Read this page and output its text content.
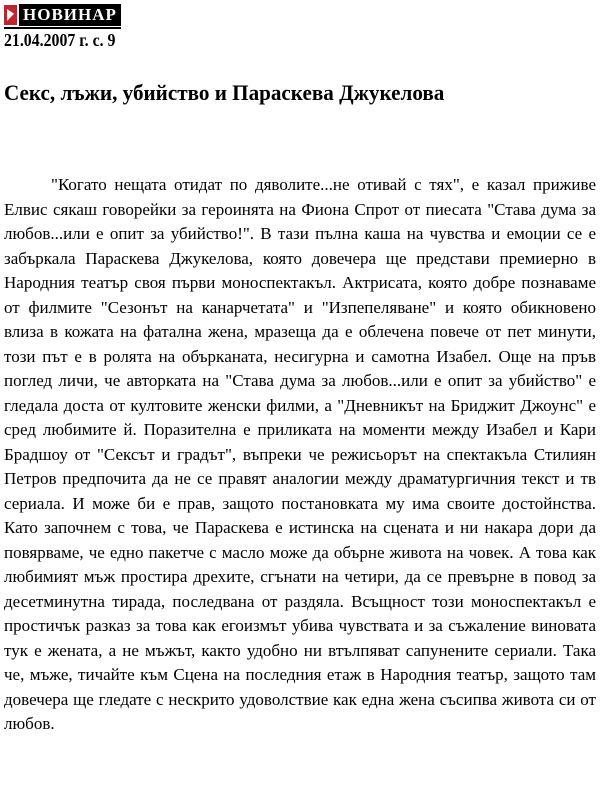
НОВИНАР
21.04.2007 г. с. 9
Секс, лъжи, убийство и Параскева Джукелова

"Когато нещата отидат по дяволите...не отивай с тях", е казал приживе Елвис сякаш говорейки за героинята на Фиона Спрот от пиесата "Става дума за любов...или е опит за убийство!". В тази пълна каша на чувства и емоции се е забъркала Параскева Джукелова, която довечера ще представи премиерно в Народния театър своя първи моноспектакъл. Актрисата, която добре познаваме от филмите "Сезонът на канарчетата" и "Изпепеляване" и която обикновено влиза в кожата на фатална жена, мразеща да е облечена повече от пет минути, този път е в ролята на объркaната, несигурна и самотна Изабел. Още на пръв поглед личи, че авторката на "Става дума за любов...или е опит за убийство" е гледала доста от култовите женски филми, а "Дневникът на Бриджит Джоунс" е сред любимите й. Поразителна е приликата на моменти между Изабел и Кари Брадшоу от "Сексът и градът", въпреки че режисьорът на спектакъла Стилиян Петров предпочита да не се правят аналогии между драматургичния текст и тв сериала. И може би е прав, защото постановката му има своите достойнства. Като започнем с това, че Параскева е истинска на сцената и ни накара дори да повярваме, че едно пакетче с масло може да обърне живота на човек. А това как любимият мъж простира дрехите, сгънати на четири, да се превърне в повод за десетминутна тирада, последвана от раздяла. Всъщност този моноспектакъл е простичък разказ за това как егоизмът убива чувствата и за съжаление виновата тук е жената, а не мъжът, както удобно ни втълпяват сапунените сериали. Така че, мъже, тичайте към Сцена на последния етаж в Народния театър, защото там довечера ще гледате с нескрито удоволствие как една жена съсипва живота си от любов.
